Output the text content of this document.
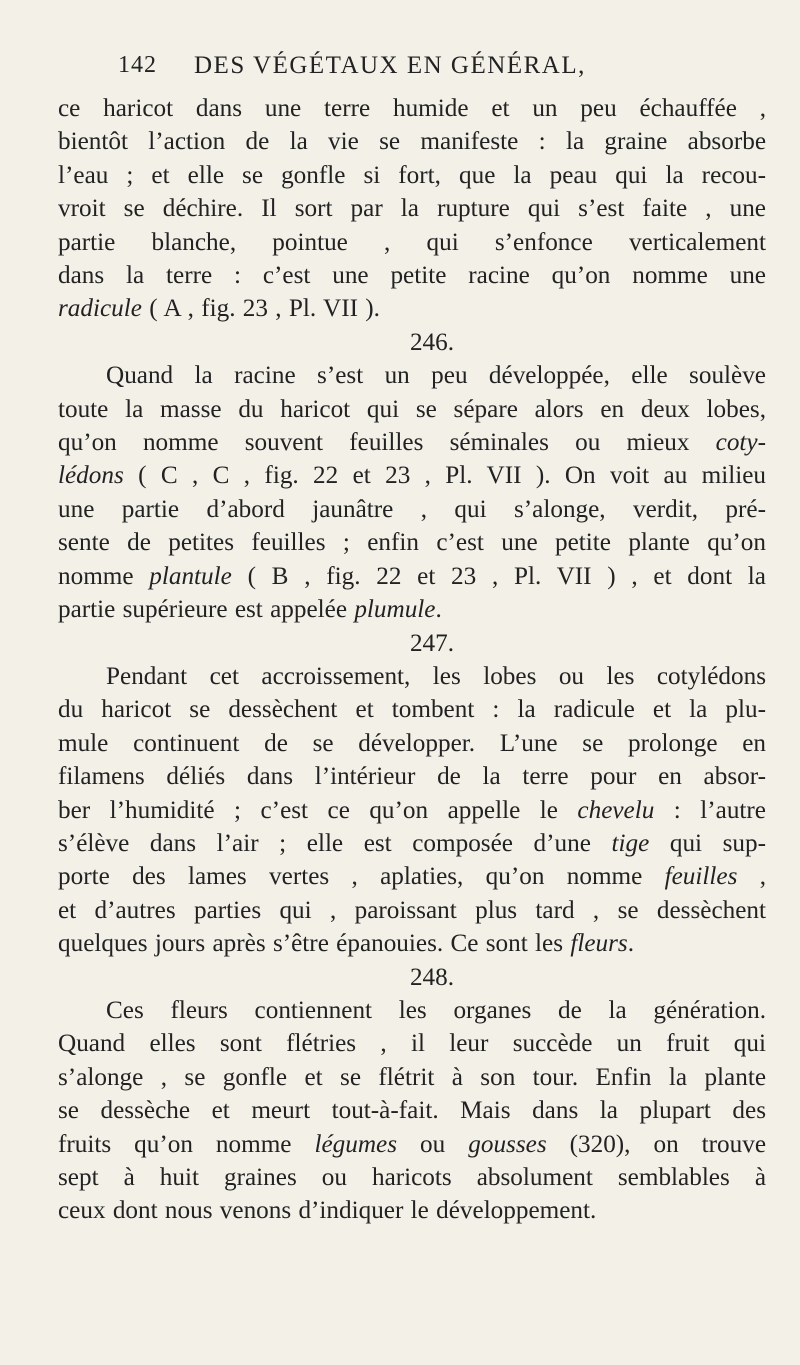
142 DES VÉGÉTAUX EN GÉNÉRAL,
ce haricot dans une terre humide et un peu échauffée ,
bientôt l’action de la vie se manifeste : la graine absorbe
l’eau ; et elle se gonfle si fort, que la peau qui la recou-
vroit se déchire. Il sort par la rupture qui s’est faite , une
partie blanche, pointue , qui s’enfonce verticalement
dans la terre : c’est une petite racine qu’on nomme une
radicule ( A , fig. 23 , Pl. VII ).
246.
Quand la racine s’est un peu développée, elle soulève
toute la masse du haricot qui se sépare alors en deux lobes,
qu’on nomme souvent feuilles séminales ou mieux coty-
lédons ( C , C , fig. 22 et 23 , Pl. VII ). On voit au milieu
une partie d’abord jaunâtre , qui s’alonge, verdit, pré-
sente de petites feuilles ; enfin c’est une petite plante qu’on
nomme plantule ( B , fig. 22 et 23 , Pl. VII ) , et dont la
partie supérieure est appelée plumule.
247.
Pendant cet accroissement, les lobes ou les cotylédons
du haricot se dessèchent et tombent : la radicule et la plu-
mule continuent de se développer. L’une se prolonge en
filamens déliés dans l’intérieur de la terre pour en absor-
ber l’humidité ; c’est ce qu’on appelle le chevelu : l’autre
s’élève dans l’air ; elle est composée d’une tige qui sup-
porte des lames vertes , aplaties, qu’on nomme feuilles ,
et d’autres parties qui , paroissant plus tard , se dessèchent
quelques jours après s’être épanouies. Ce sont les fleurs.
248.
Ces fleurs contiennent les organes de la génération.
Quand elles sont flétries , il leur succède un fruit qui
s’alonge , se gonfle et se flétrit à son tour. Enfin la plante
se dessèche et meurt tout-à-fait. Mais dans la plupart des
fruits qu’on nomme légumes ou gousses (320), on trouve
sept à huit graines ou haricots absolument semblables à
ceux dont nous venons d’indiquer le développement.
